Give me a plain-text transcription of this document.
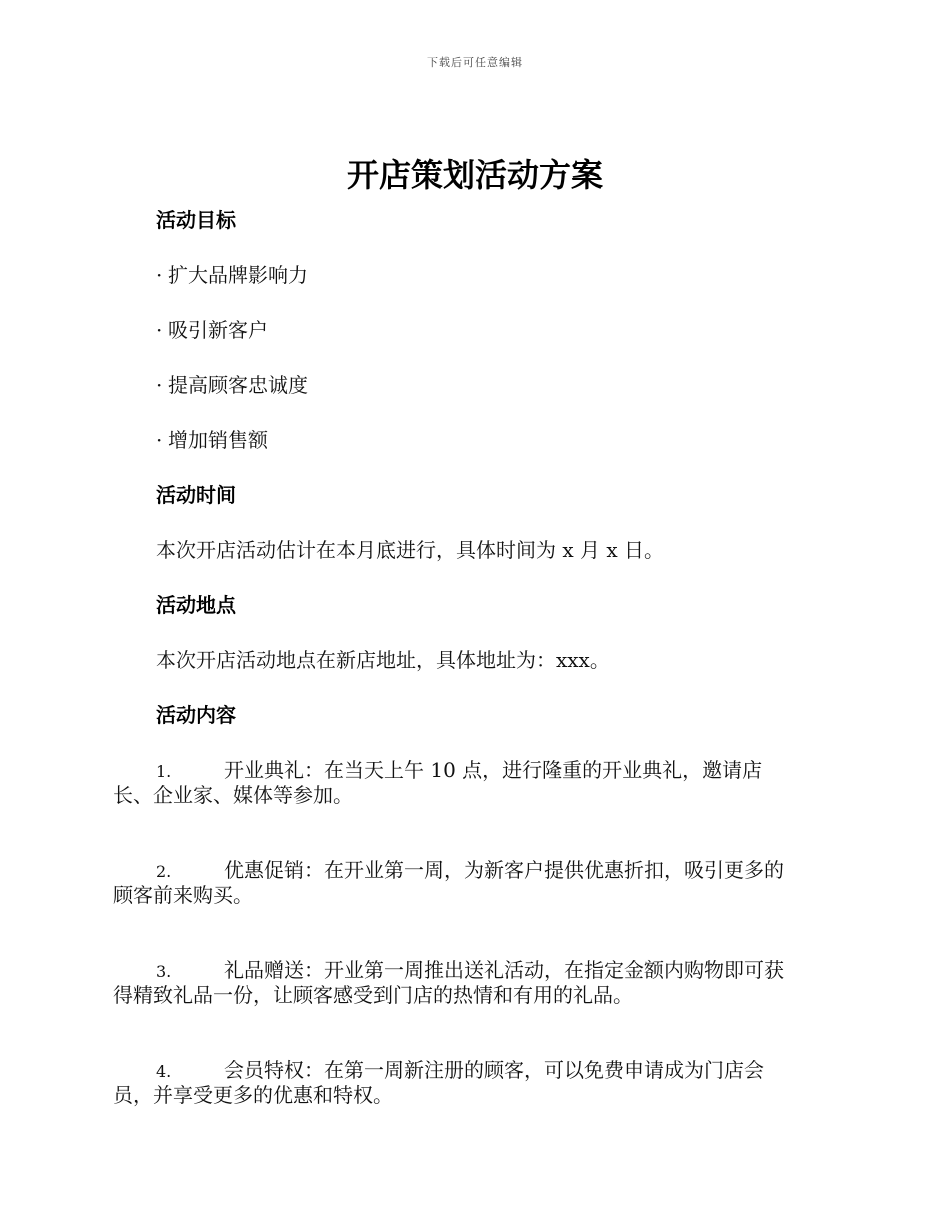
下载后可任意编辑
开店策划活动方案
活动目标
· 扩大品牌影响力
· 吸引新客户
· 提高顾客忠诚度
· 增加销售额
活动时间
本次开店活动估计在本月底进行，具体时间为 x 月 x 日。
活动地点
本次开店活动地点在新店地址，具体地址为：xxx。
活动内容
1.	开业典礼：在当天上午 10 点，进行隆重的开业典礼，邀请店
长、企业家、媒体等参加。
2.	优惠促销：在开业第一周，为新客户提供优惠折扣，吸引更多的
顾客前来购买。
3.	礼品赠送：开业第一周推出送礼活动，在指定金额内购物即可获
得精致礼品一份，让顾客感受到门店的热情和有用的礼品。
4.	会员特权：在第一周新注册的顾客，可以免费申请成为门店会
员，并享受更多的优惠和特权。
